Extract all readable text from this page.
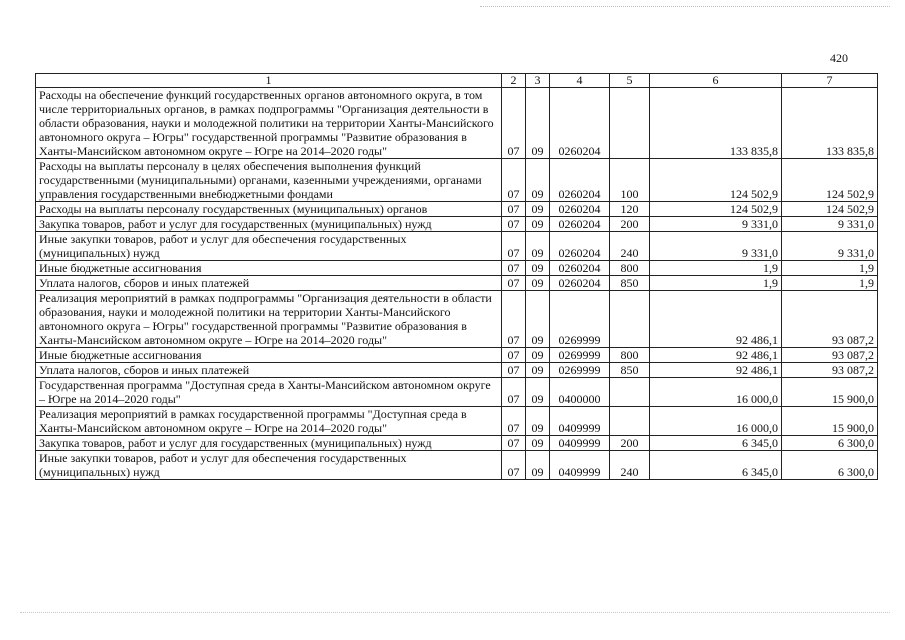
420
1	2	3	4	5	6	7
Расходы на обеспечение функций государственных органов автономного округа, в том числе территориальных органов, в рамках подпрограммы "Организация деятельности в области образования, науки и молодежной политики на территории Ханты-Мансийского автономного округа – Югры" государственной программы "Развитие образования в Ханты-Мансийском автономном округе – Югре на 2014–2020 годы"	07	09	0260204		133 835,8	133 835,8
Расходы на выплаты персоналу в целях обеспечения выполнения функций государственными (муниципальными) органами, казенными учреждениями, органами управления государственными внебюджетными фондами	07	09	0260204	100	124 502,9	124 502,9
Расходы на выплаты персоналу государственных (муниципальных) органов	07	09	0260204	120	124 502,9	124 502,9
Закупка товаров, работ и услуг для государственных (муниципальных) нужд	07	09	0260204	200	9 331,0	9 331,0
Иные закупки товаров, работ и услуг для обеспечения государственных (муниципальных) нужд	07	09	0260204	240	9 331,0	9 331,0
Иные бюджетные ассигнования	07	09	0260204	800	1,9	1,9
Уплата налогов, сборов и иных платежей	07	09	0260204	850	1,9	1,9
Реализация мероприятий в рамках подпрограммы "Организация деятельности в области образования, науки и молодежной политики на территории Ханты-Мансийского автономного округа – Югры" государственной программы "Развитие образования в Ханты-Мансийском автономном округе – Югре на 2014–2020 годы"	07	09	0269999		92 486,1	93 087,2
Иные бюджетные ассигнования	07	09	0269999	800	92 486,1	93 087,2
Уплата налогов, сборов и иных платежей	07	09	0269999	850	92 486,1	93 087,2
Государственная программа "Доступная среда в Ханты-Мансийском автономном округе – Югре на 2014–2020 годы"	07	09	0400000		16 000,0	15 900,0
Реализация мероприятий в рамках государственной программы "Доступная среда в Ханты-Мансийском автономном округе – Югре на 2014–2020 годы"	07	09	0409999		16 000,0	15 900,0
Закупка товаров, работ и услуг для государственных (муниципальных) нужд	07	09	0409999	200	6 345,0	6 300,0
Иные закупки товаров, работ и услуг для обеспечения государственных (муниципальных) нужд	07	09	0409999	240	6 345,0	6 300,0
